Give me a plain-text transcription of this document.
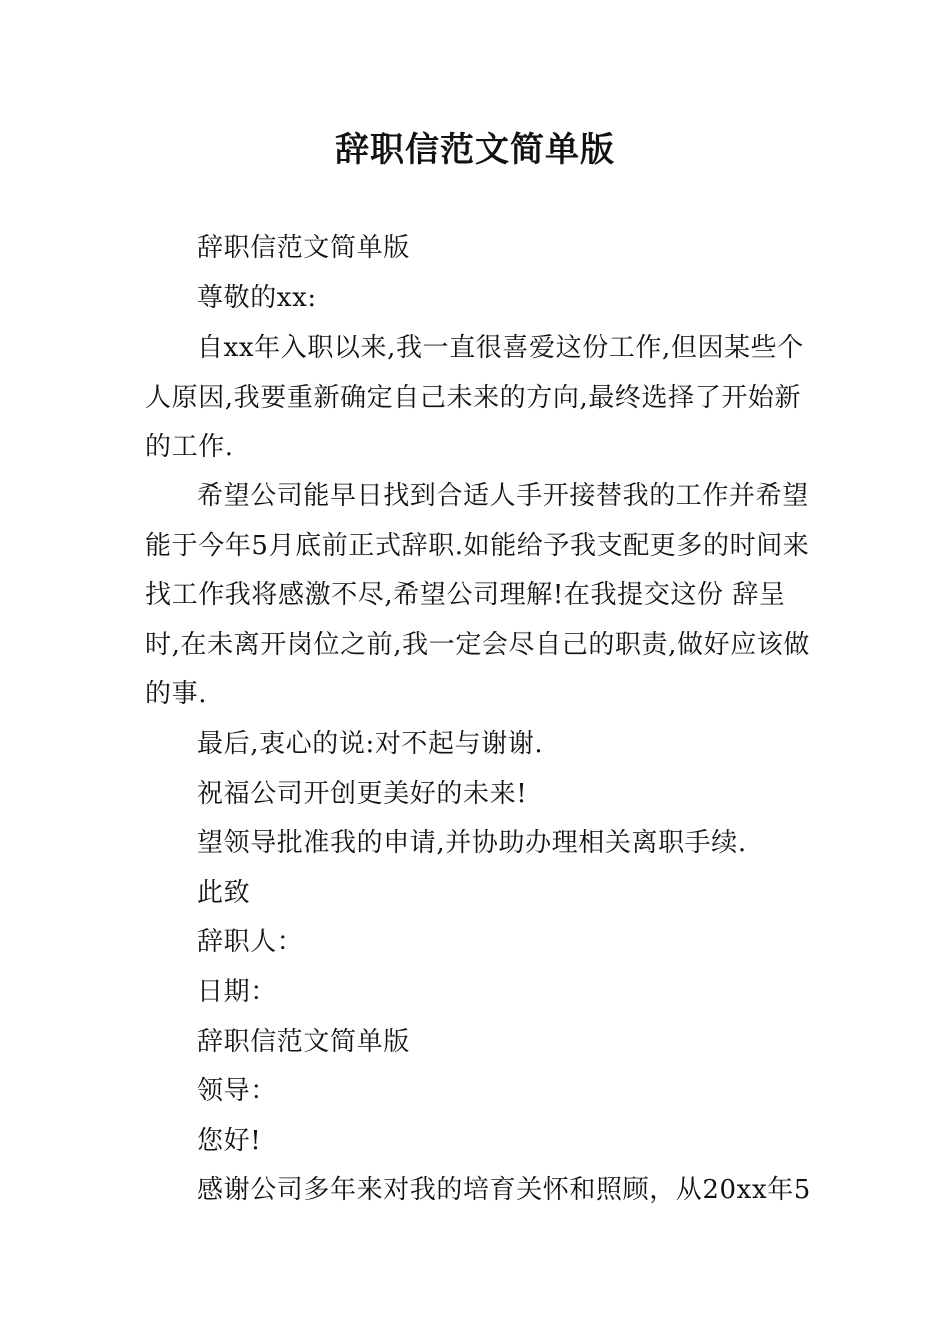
辞职信范文简单版

辞职信范文简单版

尊敬的xx:

自xx年入职以来,我一直很喜爱这份工作,但因某些个人原因,我要重新确定自己未来的方向,最终选择了开始新的工作.

希望公司能早日找到合适人手开接替我的工作并希望能于今年5月底前正式辞职.如能给予我支配更多的时间来找工作我将感激不尽,希望公司理解!在我提交这份 辞呈时,在未离开岗位之前,我一定会尽自己的职责,做好应该做的事.

最后,衷心的说:对不起与谢谢.

祝福公司开创更美好的未来!

望领导批准我的申请,并协助办理相关离职手续.

此致

辞职人：

日期：

辞职信范文简单版

领导：

您好!

感谢公司多年来对我的培育关怀和照顾，从20xx年5
